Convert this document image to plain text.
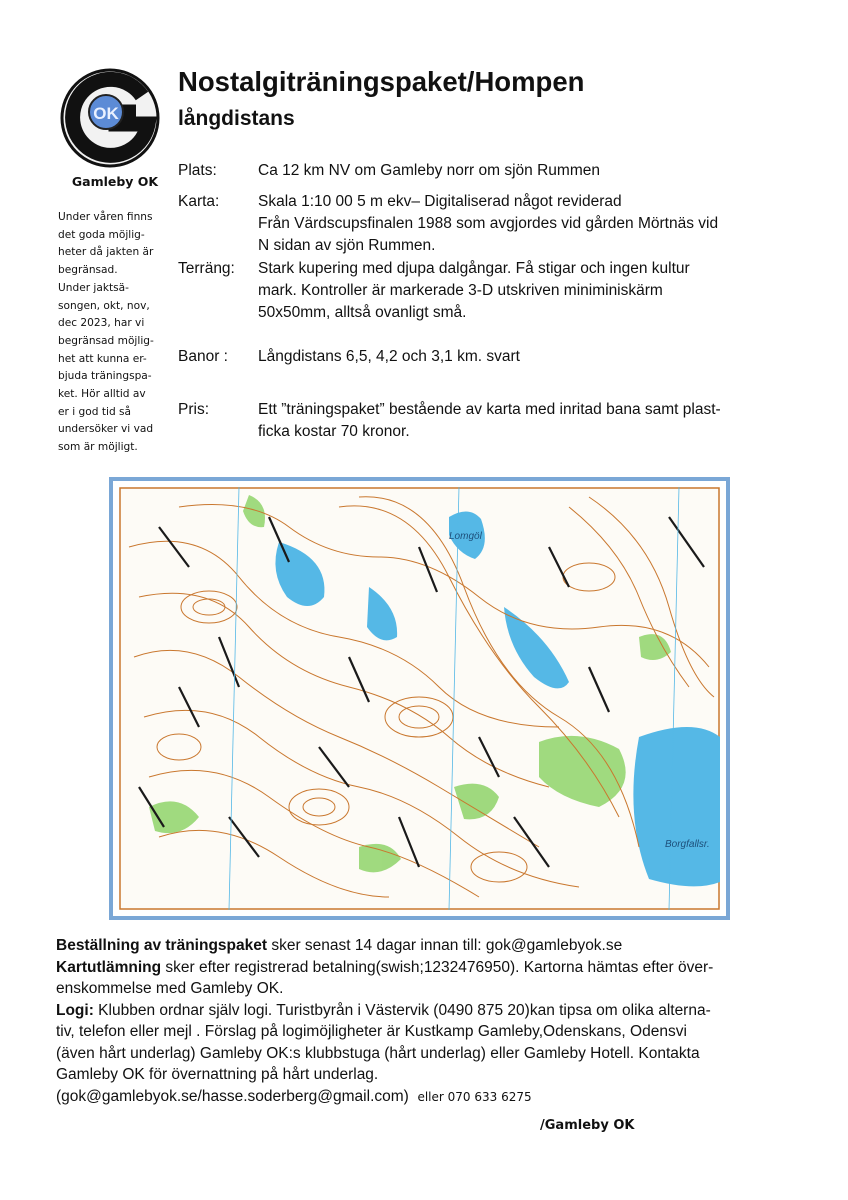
OK
Gamleby OK
Under våren finns
det goda möjlig-
heter då jakten är
begränsad.
Under jaktsä-
songen, okt, nov,
dec 2023, har vi
begränsad möjlig-
het att kunna er-
bjuda träningspa-
ket. Hör alltid av
er i god tid så
undersöker vi vad
som är möjligt.
Nostalgiträningspaket/Hompen
långdistans
Plats:	Ca 12 km NV om Gamleby norr om sjön Rummen
Karta: Skala 1:10 00 5 m ekv– Digitaliserad något reviderad
Från Värdscupsfinalen 1988 som avgjordes vid gården Mörtnäs vid
N sidan av sjön Rummen.
Terräng: Stark kupering med djupa dalgångar. Få stigar och ingen kultur
mark. Kontroller är markerade 3-D utskriven miniminiskärm
50x50mm, alltså ovanligt små.
Banor : Långdistans 6,5, 4,2 och 3,1 km. svart
Pris:	Ett ”träningspaket” bestående av karta med inritad bana samt plast-
ficka kostar 70 kronor.
Lomgöl
Borgfallsr.
Beställning av träningspaket sker senast 14 dagar innan till: gok@gamlebyok.se
Kartutlämning sker efter registrerad betalning(swish;1232476950). Kartorna hämtas efter över-
enskommelse med Gamleby OK.
Logi: Klubben ordnar själv logi. Turistbyrån i Västervik (0490 875 20)kan tipsa om olika alterna-
tiv, telefon eller mejl . Förslag på logimöjligheter är Kustkamp Gamleby,Odenskans, Odensvi
(även hårt underlag) Gamleby OK:s klubbstuga (hårt underlag) eller Gamleby Hotell. Kontakta
Gamleby OK för övernattning på hårt underlag.
(gok@gamlebyok.se/hasse.soderberg@gmail.com) eller 070 633 6275
/Gamleby OK
